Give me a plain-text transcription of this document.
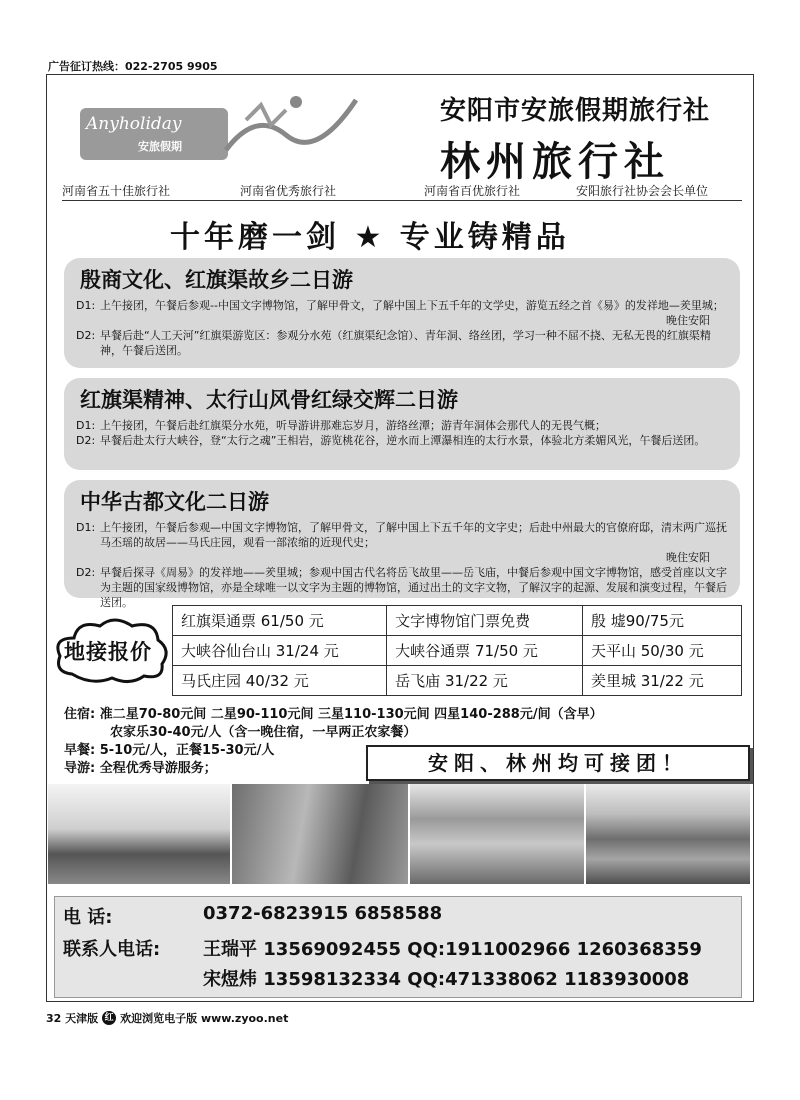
广告征订热线：022-2705 9905
Anyholiday
安旅假期
安阳市安旅假期旅行社
林州旅行社
河南省五十佳旅行社	河南省优秀旅行社	河南省百优旅行社	安阳旅行社协会会长单位
十年磨一剑 ★ 专业铸精品
殷商文化、红旗渠故乡二日游
D1: 上午接团，午餐后参观--中国文字博物馆，了解甲骨文，了解中国上下五千年的文学史，游览五经之首《易》的发祥地—羑里城；
晚住安阳
D2: 早餐后赴“人工天河”红旗渠游览区：参观分水苑（红旗渠纪念馆）、青年洞、络丝团，学习一种不屈不挠、无私无畏的红旗渠精神，午餐后送团。
红旗渠精神、太行山风骨红绿交辉二日游
D1: 上午接团，午餐后赴红旗渠分水苑，听导游讲那难忘岁月，游络丝潭；游青年洞体会那代人的无畏气概；
D2: 早餐后赴太行大峡谷，登“太行之魂”王相岩，游览桃花谷，逆水而上潭瀑相连的太行水景，体验北方柔媚风光，午餐后送团。
中华古都文化二日游
D1: 上午接团，午餐后参观—中国文字博物馆，了解甲骨文，了解中国上下五千年的文字史；后赴中州最大的官僚府邸，清末两广巡抚马丕瑶的故居——马氏庄园，观看一部浓缩的近现代史；
晚住安阳
D2: 早餐后探寻《周易》的发祥地——羑里城；参观中国古代名将岳飞故里——岳飞庙，中餐后参观中国文字博物馆，感受首座以文字为主题的国家级博物馆，亦是全球唯一以文字为主题的博物馆，通过出土的文字文物，了解汉字的起源、发展和演变过程，午餐后送团。
地接报价
红旗渠通票 61/50 元	文字博物馆门票免费	殷 墟90/75元
大峡谷仙台山 31/24 元	大峡谷通票 71/50 元	天平山 50/30 元
马氏庄园 40/32 元	岳飞庙 31/22 元	羑里城 31/22 元
住宿: 准二星70-80元间 二星90-110元间 三星110-130元间 四星140-288元/间（含早）
农家乐30-40元/人（含一晚住宿，一早两正农家餐）
早餐: 5-10元/人，正餐15-30元/人
导游: 全程优秀导游服务；	安阳、林州均可接团！
电 话:	0372-6823915 6858588
联系人电话: 王瑞平 13569092455 QQ:1911002966 1260368359
宋煜炜 13598132334 QQ:471338062 1183930008
32 天津版 红 欢迎浏览电子版 www.zyoo.net
